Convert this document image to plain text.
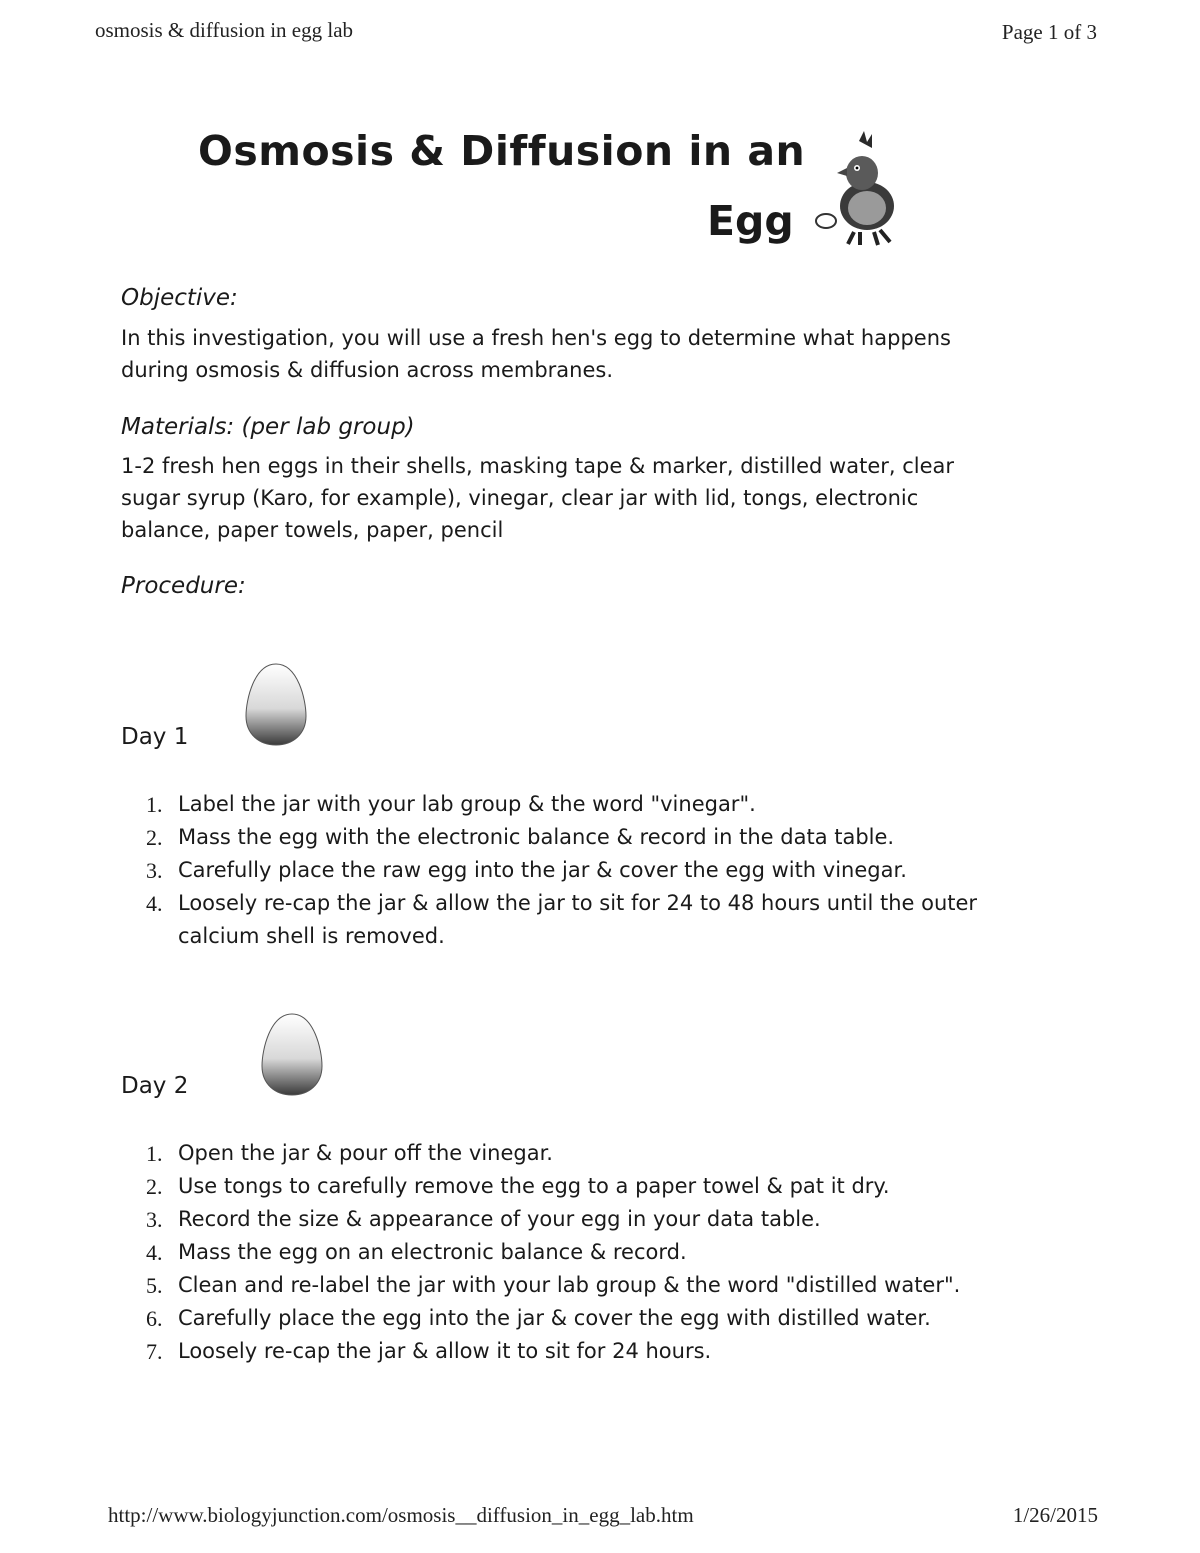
osmosis & diffusion in egg lab	Page 1 of 3
Osmosis & Diffusion in an
Egg
Objective:
In this investigation, you will use a fresh hen's egg to determine what happens
during osmosis & diffusion across membranes.
Materials: (per lab group)
1-2 fresh hen eggs in their shells, masking tape & marker, distilled water, clear
sugar syrup (Karo, for example), vinegar, clear jar with lid, tongs, electronic
balance, paper towels, paper, pencil
Procedure:
Day 1
1. Label the jar with your lab group & the word "vinegar".
2. Mass the egg with the electronic balance & record in the data table.
3. Carefully place the raw egg into the jar & cover the egg with vinegar.
4. Loosely re-cap the jar & allow the jar to sit for 24 to 48 hours until the outer calcium shell is removed.
Day 2
1. Open the jar & pour off the vinegar.
2. Use tongs to carefully remove the egg to a paper towel & pat it dry.
3. Record the size & appearance of your egg in your data table.
4. Mass the egg on an electronic balance & record.
5. Clean and re-label the jar with your lab group & the word "distilled water".
6. Carefully place the egg into the jar & cover the egg with distilled water.
7. Loosely re-cap the jar & allow it to sit for 24 hours.
http://www.biologyjunction.com/osmosis__diffusion_in_egg_lab.htm	1/26/2015
